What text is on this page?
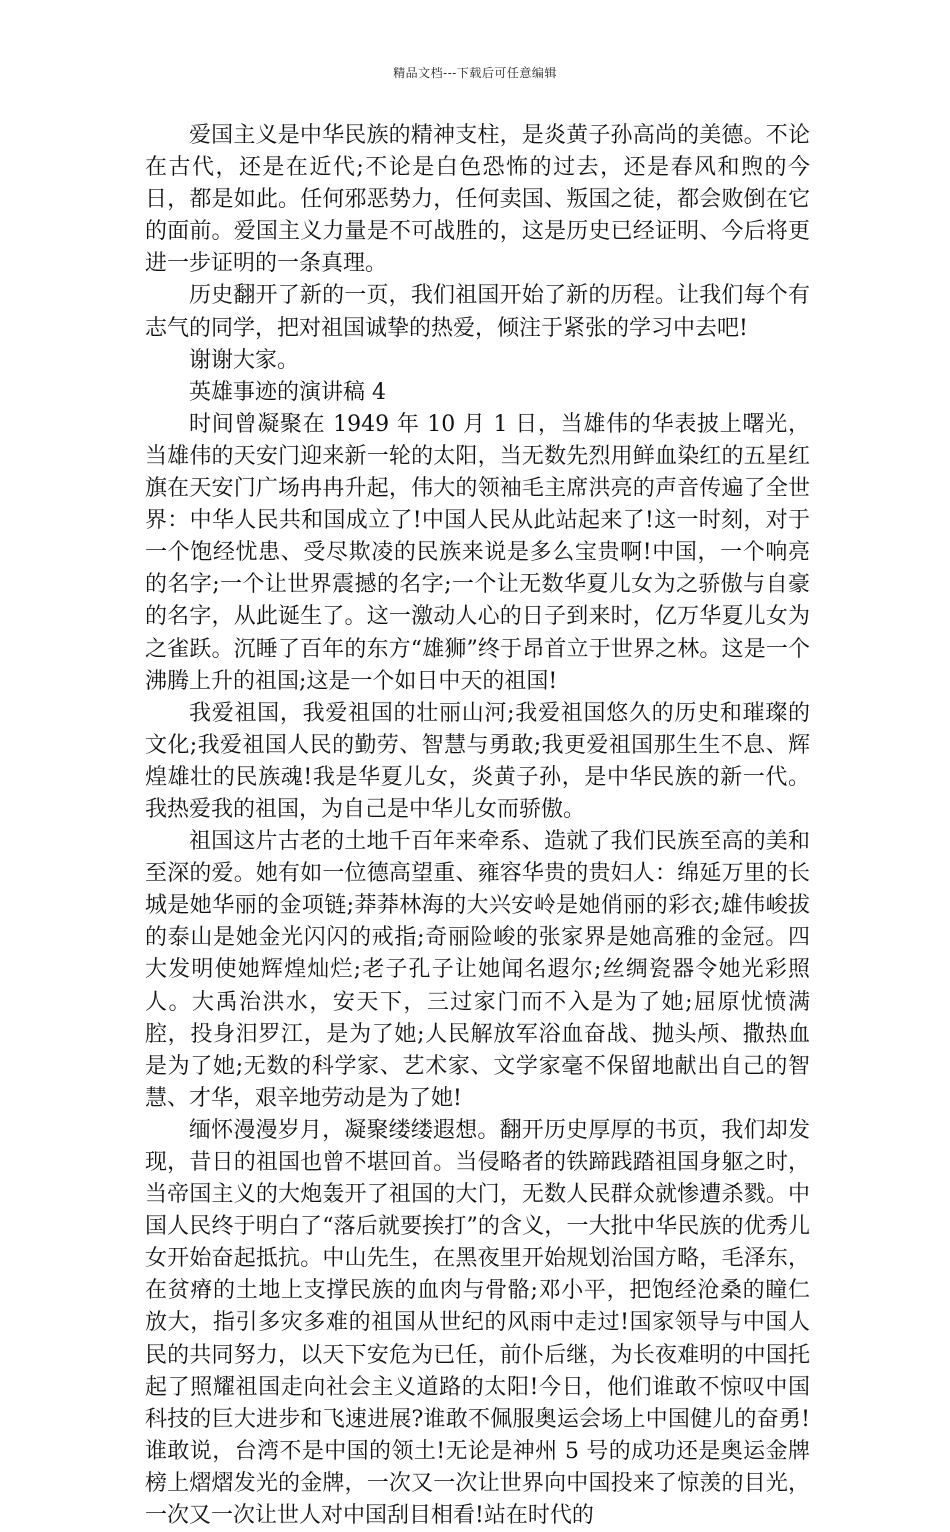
精品文档---下载后可任意编辑

爱国主义是中华民族的精神支柱，是炎黄子孙高尚的美德。不论在古代，还是在近代;不论是白色恐怖的过去，还是春风和煦的今日，都是如此。任何邪恶势力，任何卖国、叛国之徒，都会败倒在它的面前。爱国主义力量是不可战胜的，这是历史已经证明、今后将更进一步证明的一条真理。

历史翻开了新的一页，我们祖国开始了新的历程。让我们每个有志气的同学，把对祖国诚挚的热爱，倾注于紧张的学习中去吧!

谢谢大家。

英雄事迹的演讲稿 4

时间曾凝聚在 1949 年 10 月 1 日，当雄伟的华表披上曙光，当雄伟的天安门迎来新一轮的太阳，当无数先烈用鲜血染红的五星红旗在天安门广场冉冉升起，伟大的领袖毛主席洪亮的声音传遍了全世界：中华人民共和国成立了!中国人民从此站起来了!这一时刻，对于一个饱经忧患、受尽欺凌的民族来说是多么宝贵啊!中国，一个响亮的名字;一个让世界震撼的名字;一个让无数华夏儿女为之骄傲与自豪的名字，从此诞生了。这一激动人心的日子到来时，亿万华夏儿女为之雀跃。沉睡了百年的东方“雄狮”终于昂首立于世界之林。这是一个沸腾上升的祖国;这是一个如日中天的祖国!

我爱祖国，我爱祖国的壮丽山河;我爱祖国悠久的历史和璀璨的文化;我爱祖国人民的勤劳、智慧与勇敢;我更爱祖国那生生不息、辉煌雄壮的民族魂!我是华夏儿女，炎黄子孙，是中华民族的新一代。我热爱我的祖国，为自己是中华儿女而骄傲。

祖国这片古老的土地千百年来牵系、造就了我们民族至高的美和至深的爱。她有如一位德高望重、雍容华贵的贵妇人：绵延万里的长城是她华丽的金项链;莽莽林海的大兴安岭是她俏丽的彩衣;雄伟峻拔的泰山是她金光闪闪的戒指;奇丽险峻的张家界是她高雅的金冠。四大发明使她辉煌灿烂;老子孔子让她闻名遐尔;丝绸瓷器令她光彩照人。大禹治洪水，安天下，三过家门而不入是为了她;屈原忧愤满腔，投身汨罗江，是为了她;人民解放军浴血奋战、抛头颅、撒热血是为了她;无数的科学家、艺术家、文学家毫不保留地献出自己的智慧、才华，艰辛地劳动是为了她!

缅怀漫漫岁月，凝聚缕缕遐想。翻开历史厚厚的书页，我们却发现，昔日的祖国也曾不堪回首。当侵略者的铁蹄践踏祖国身躯之时，当帝国主义的大炮轰开了祖国的大门，无数人民群众就惨遭杀戮。中国人民终于明白了“落后就要挨打”的含义，一大批中华民族的优秀儿女开始奋起抵抗。中山先生，在黑夜里开始规划治国方略，毛泽东，在贫瘠的土地上支撑民族的血肉与骨骼;邓小平，把饱经沧桑的瞳仁放大，指引多灾多难的祖国从世纪的风雨中走过!国家领导与中国人民的共同努力，以天下安危为已任，前仆后继，为长夜难明的中国托起了照耀祖国走向社会主义道路的太阳!今日，他们谁敢不惊叹中国科技的巨大进步和飞速进展?谁敢不佩服奥运会场上中国健儿的奋勇!谁敢说，台湾不是中国的领土!无论是神州 5 号的成功还是奥运金牌榜上熠熠发光的金牌，一次又一次让世界向中国投来了惊羡的目光，一次又一次让世人对中国刮目相看!站在时代的
